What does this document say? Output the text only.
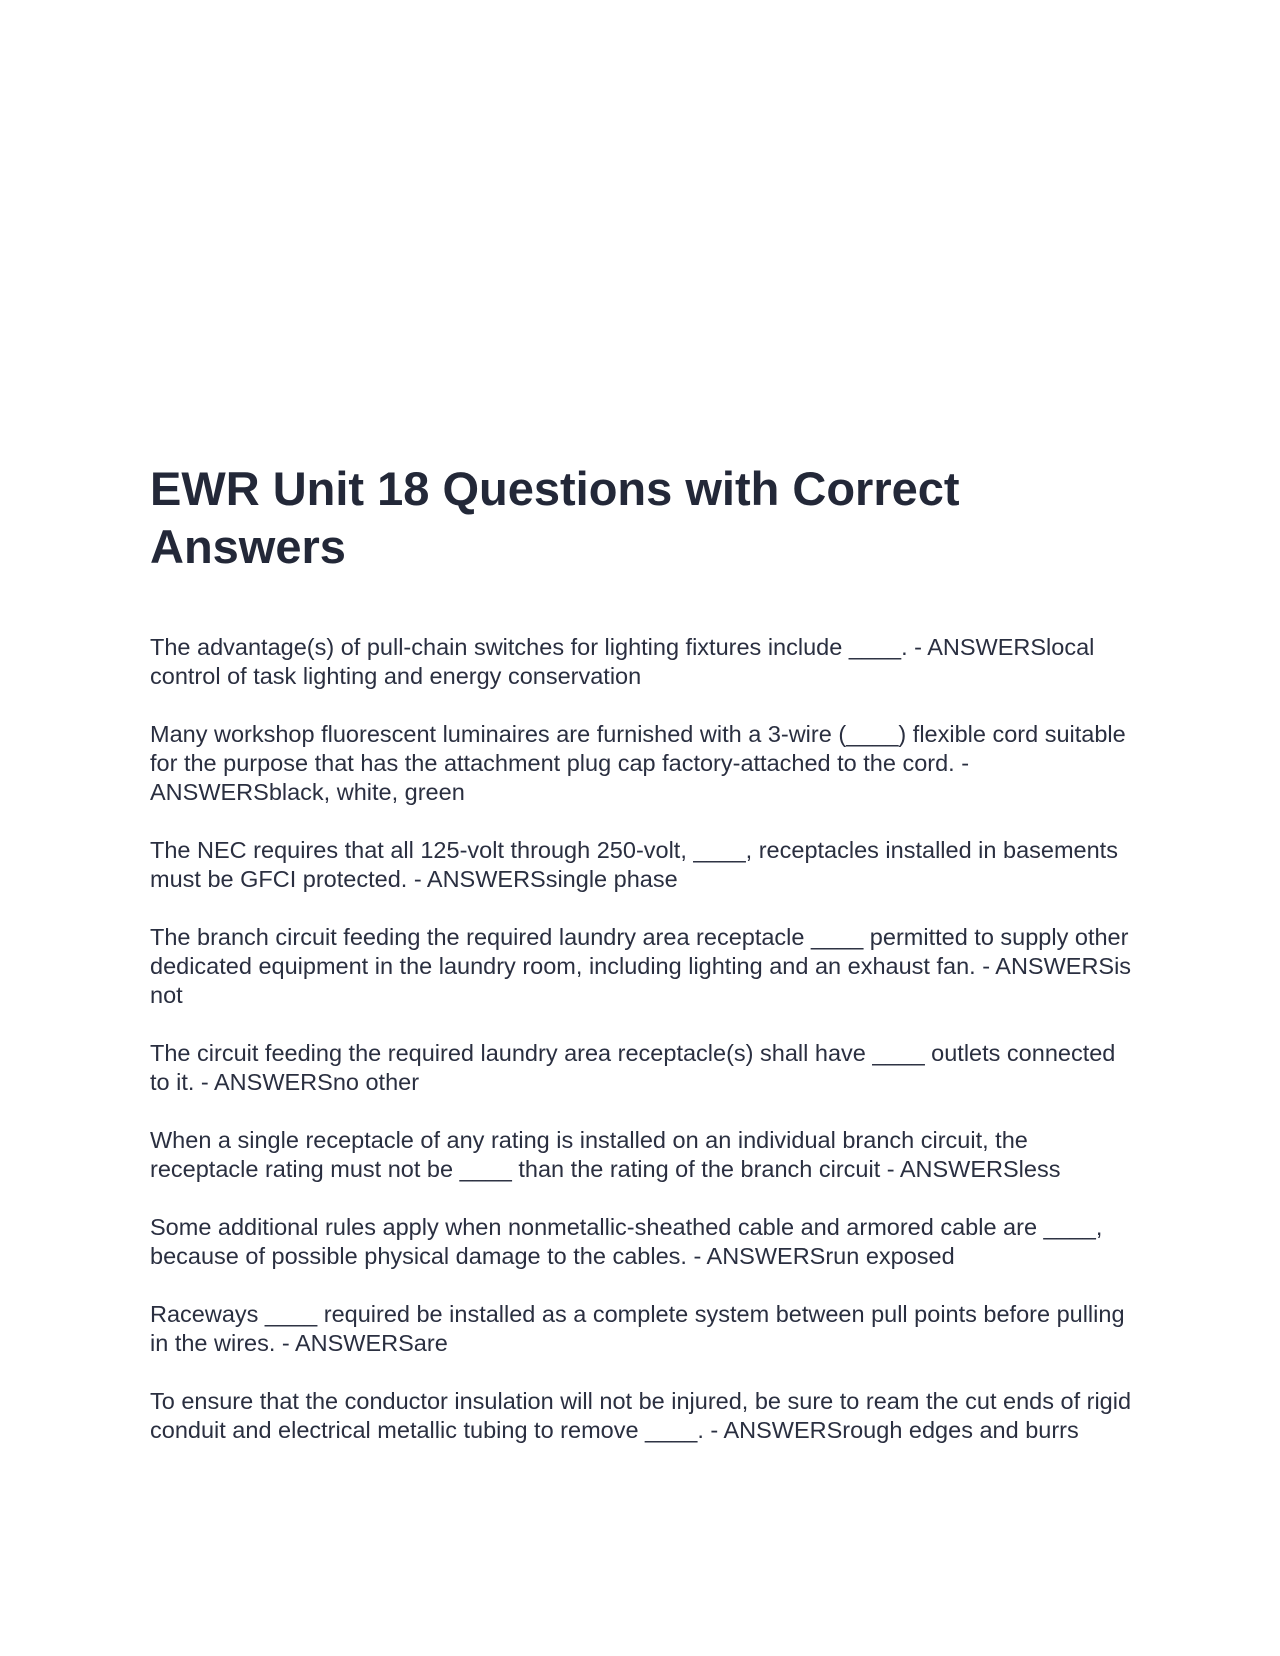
EWR Unit 18 Questions with Correct Answers

The advantage(s) of pull-chain switches for lighting fixtures include ____. - ANSWERSlocal control of task lighting and energy conservation

Many workshop fluorescent luminaires are furnished with a 3-wire (____) flexible cord suitable for the purpose that has the attachment plug cap factory-attached to the cord. - ANSWERSblack, white, green

The NEC requires that all 125-volt through 250-volt, ____, receptacles installed in basements must be GFCI protected. - ANSWERSsingle phase

The branch circuit feeding the required laundry area receptacle ____ permitted to supply other dedicated equipment in the laundry room, including lighting and an exhaust fan. - ANSWERSis not

The circuit feeding the required laundry area receptacle(s) shall have ____ outlets connected to it. - ANSWERSno other

When a single receptacle of any rating is installed on an individual branch circuit, the receptacle rating must not be ____ than the rating of the branch circuit - ANSWERSless

Some additional rules apply when nonmetallic-sheathed cable and armored cable are ____, because of possible physical damage to the cables. - ANSWERSrun exposed

Raceways ____ required be installed as a complete system between pull points before pulling in the wires. - ANSWERSare

To ensure that the conductor insulation will not be injured, be sure to ream the cut ends of rigid conduit and electrical metallic tubing to remove ____. - ANSWERSrough edges and burrs
